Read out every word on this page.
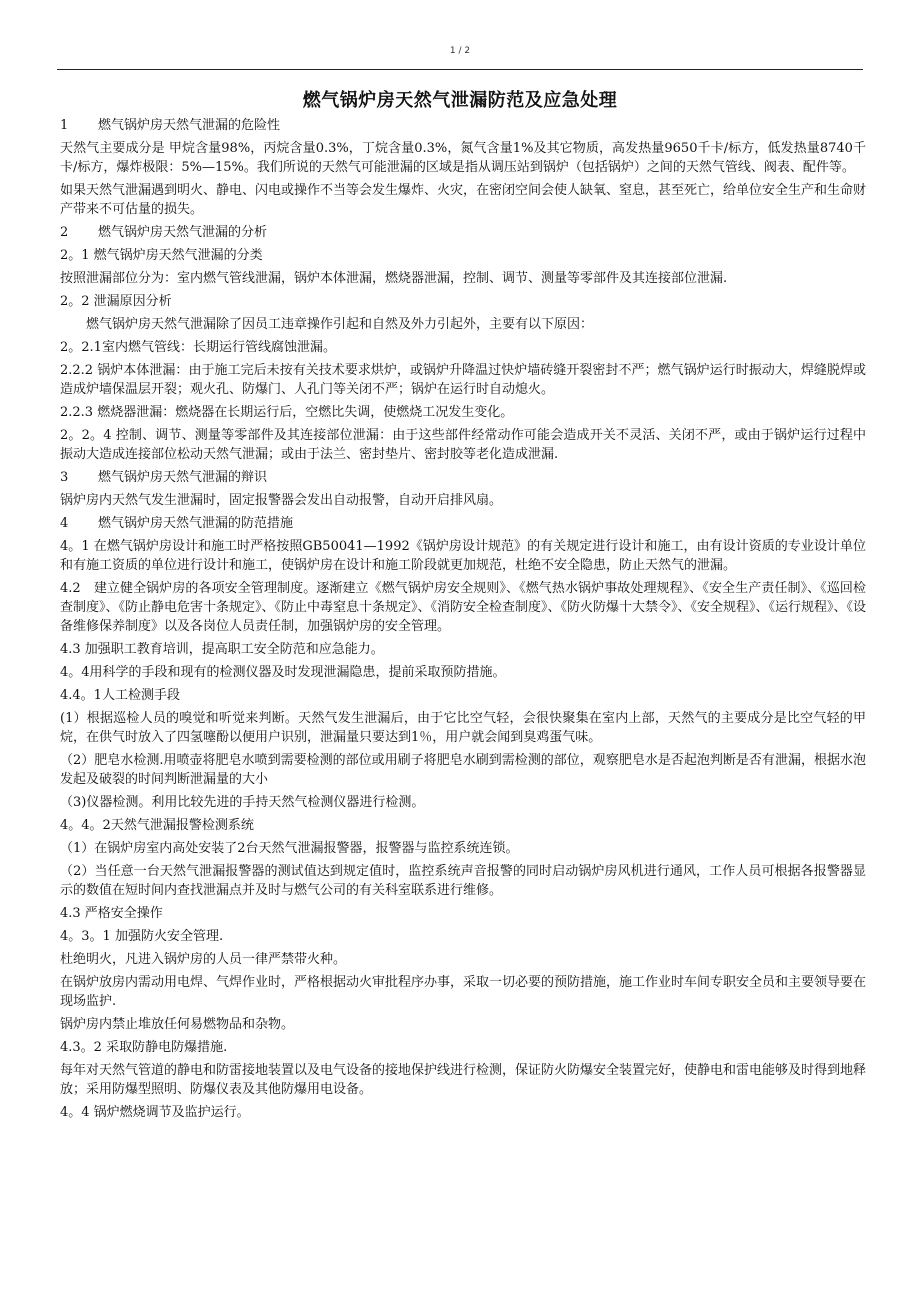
1 / 2
燃气锅炉房天然气泄漏防范及应急处理
1 燃气锅炉房天然气泄漏的危险性
天然气主要成分是 甲烷含量98%，丙烷含量0.3%，丁烷含量0.3%，氮气含量1%及其它物质，高发热量9650千卡/标方，低发热量8740千卡/标方，爆炸极限：5%—15%。我们所说的天然气可能泄漏的区域是指从调压站到锅炉（包括锅炉）之间的天然气管线、阀表、配件等。
如果天然气泄漏遇到明火、静电、闪电或操作不当等会发生爆炸、火灾，在密闭空间会使人缺氧、窒息，甚至死亡，给单位安全生产和生命财产带来不可估量的损失。
2 燃气锅炉房天然气泄漏的分析
2。1 燃气锅炉房天然气泄漏的分类
按照泄漏部位分为：室内燃气管线泄漏，锅炉本体泄漏，燃烧器泄漏，控制、调节、测量等零部件及其连接部位泄漏.
2。2 泄漏原因分析
燃气锅炉房天然气泄漏除了因员工违章操作引起和自然及外力引起外，主要有以下原因：
2。2.1室内燃气管线：长期运行管线腐蚀泄漏。
2.2.2 锅炉本体泄漏：由于施工完后未按有关技术要求烘炉，或锅炉升降温过快炉墙砖缝开裂密封不严；燃气锅炉运行时振动大，焊缝脱焊或造成炉墙保温层开裂；观火孔、防爆门、人孔门等关闭不严；锅炉在运行时自动熄火。
2.2.3 燃烧器泄漏：燃烧器在长期运行后，空燃比失调，使燃烧工况发生变化。
2。2。4 控制、调节、测量等零部件及其连接部位泄漏：由于这些部件经常动作可能会造成开关不灵活、关闭不严，或由于锅炉运行过程中振动大造成连接部位松动天然气泄漏；或由于法兰、密封垫片、密封胶等老化造成泄漏.
3 燃气锅炉房天然气泄漏的辩识
锅炉房内天然气发生泄漏时，固定报警器会发出自动报警，自动开启排风扇。
4 燃气锅炉房天然气泄漏的防范措施
4。1 在燃气锅炉房设计和施工时严格按照GB50041—1992《锅炉房设计规范》的有关规定进行设计和施工，由有设计资质的专业设计单位和有施工资质的单位进行设计和施工，使锅炉房在设计和施工阶段就更加规范，杜绝不安全隐患，防止天然气的泄漏。
4.2　建立健全锅炉房的各项安全管理制度。逐渐建立《燃气锅炉房安全规则》、《燃气热水锅炉事故处理规程》、《安全生产责任制》、《巡回检查制度》、《防止静电危害十条规定》、《防止中毒窒息十条规定》、《消防安全检查制度》、《防火防爆十大禁令》、《安全规程》、《运行规程》、《设备维修保养制度》以及各岗位人员责任制，加强锅炉房的安全管理。
4.3 加强职工教育培训，提高职工安全防范和应急能力。
4。4用科学的手段和现有的检测仪器及时发现泄漏隐患，提前采取预防措施。
4.4。1人工检测手段
(1）根据巡检人员的嗅觉和听觉来判断。天然气发生泄漏后，由于它比空气轻，会很快聚集在室内上部，天然气的主要成分是比空气轻的甲烷，在供气时放入了四氢噻酚以便用户识别，泄漏量只要达到1％，用户就会闻到臭鸡蛋气味。
（2）肥皂水检测.用喷壶将肥皂水喷到需要检测的部位或用刷子将肥皂水刷到需检测的部位，观察肥皂水是否起泡判断是否有泄漏，根据水泡发起及破裂的时间判断泄漏量的大小
（3)仪器检测。利用比较先进的手持天然气检测仪器进行检测。
4。4。2天然气泄漏报警检测系统
（1）在锅炉房室内高处安装了2台天然气泄漏报警器，报警器与监控系统连锁。
（2）当任意一台天然气泄漏报警器的测试值达到规定值时，监控系统声音报警的同时启动锅炉房风机进行通风，工作人员可根据各报警器显示的数值在短时间内查找泄漏点并及时与燃气公司的有关科室联系进行维修。
4.3 严格安全操作
4。3。1 加强防火安全管理.
杜绝明火，凡进入锅炉房的人员一律严禁带火种。
在锅炉放房内需动用电焊、气焊作业时，严格根据动火审批程序办事，采取一切必要的预防措施，施工作业时车间专职安全员和主要领导要在现场监护.
锅炉房内禁止堆放任何易燃物品和杂物。
4.3。2 采取防静电防爆措施.
每年对天然气管道的静电和防雷接地装置以及电气设备的接地保护线进行检测，保证防火防爆安全装置完好，使静电和雷电能够及时得到地释放；采用防爆型照明、防爆仪表及其他防爆用电设备。
4。4 锅炉燃烧调节及监护运行。
